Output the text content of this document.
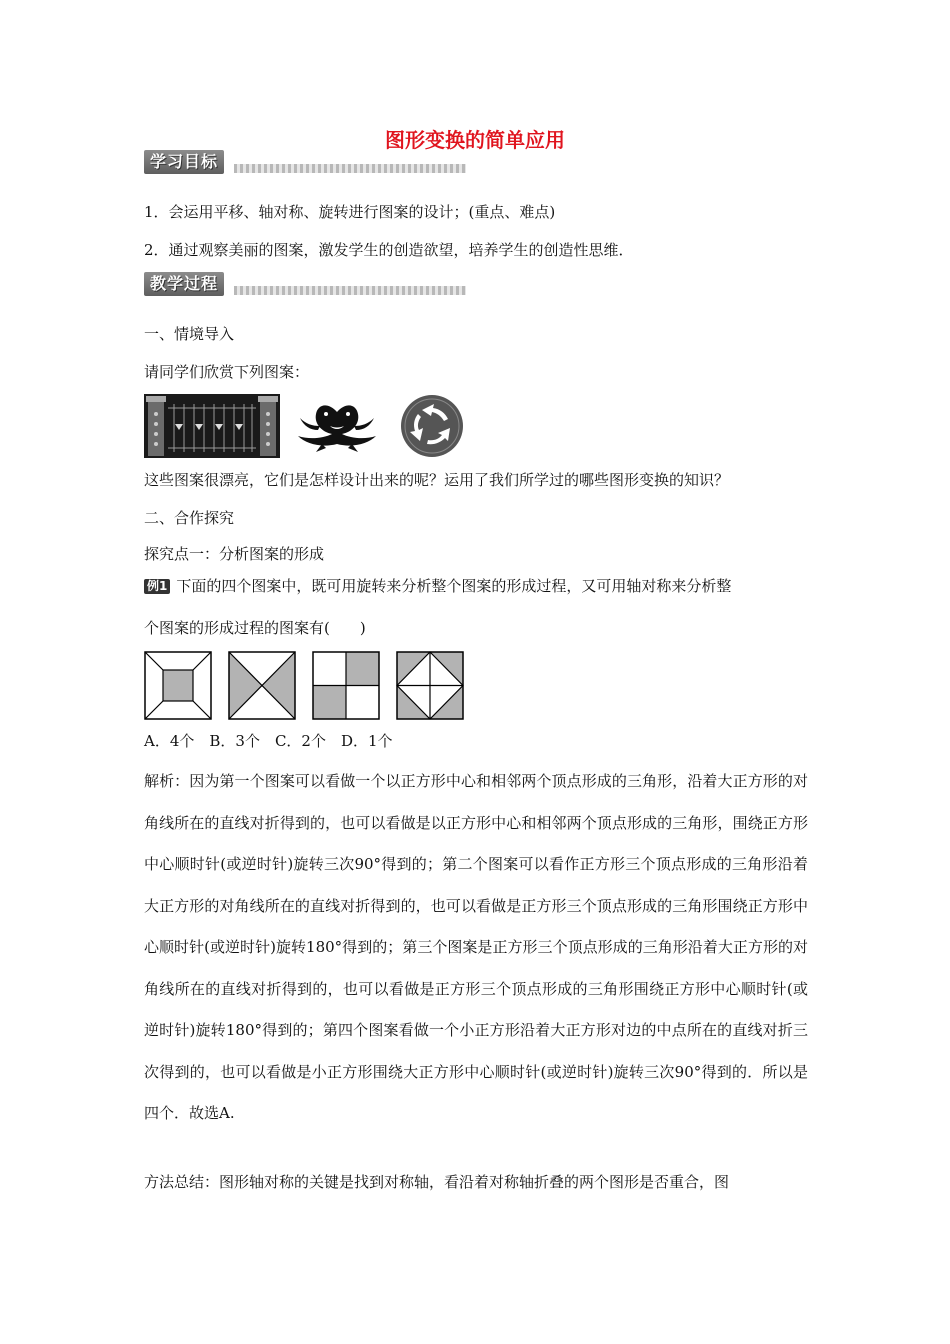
图形变换的简单应用
学习目标
1．会运用平移、轴对称、旋转进行图案的设计；(重点、难点)
2．通过观察美丽的图案，激发学生的创造欲望，培养学生的创造性思维．
教学过程
一、情境导入
请同学们欣赏下列图案：
这些图案很漂亮，它们是怎样设计出来的呢？运用了我们所学过的哪些图形变换的知识？
二、合作探究
探究点一：分析图案的形成
例1 下面的四个图案中，既可用旋转来分析整个图案的形成过程，又可用轴对称来分析整
个图案的形成过程的图案有(　　)
A．4个　B．3个　C．2个　D．1个
解析：因为第一个图案可以看做一个以正方形中心和相邻两个顶点形成的三角形，沿着大正方形的对角线所在的直线对折得到的，也可以看做是以正方形中心和相邻两个顶点形成的三角形，围绕正方形中心顺时针(或逆时针)旋转三次90°得到的；第二个图案可以看作正方形三个顶点形成的三角形沿着大正方形的对角线所在的直线对折得到的，也可以看做是正方形三个顶点形成的三角形围绕正方形中心顺时针(或逆时针)旋转180°得到的；第三个图案是正方形三个顶点形成的三角形沿着大正方形的对角线所在的直线对折得到的，也可以看做是正方形三个顶点形成的三角形围绕正方形中心顺时针(或逆时针)旋转180°得到的；第四个图案看做一个小正方形沿着大正方形对边的中点所在的直线对折三次得到的，也可以看做是小正方形围绕大正方形中心顺时针(或逆时针)旋转三次90°得到的．所以是四个．故选A.
方法总结：图形轴对称的关键是找到对称轴，看沿着对称轴折叠的两个图形是否重合，图
